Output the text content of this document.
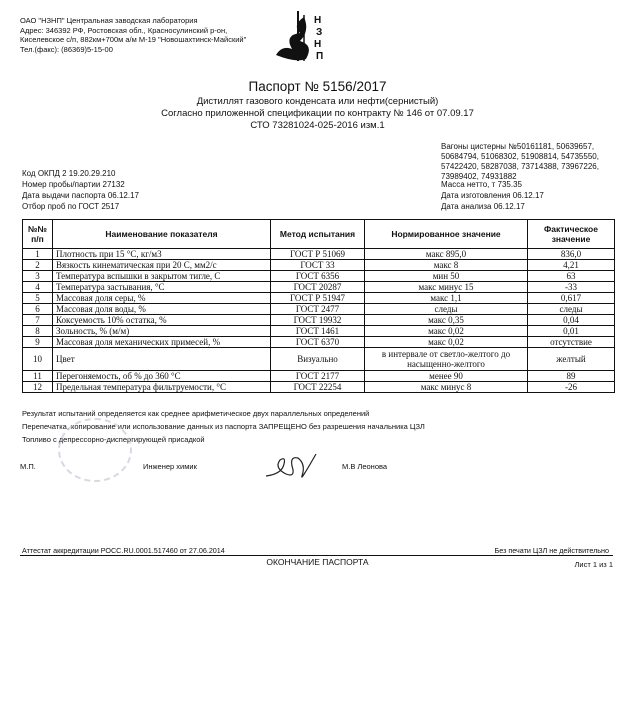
ОАО "НЗНП" Центральная заводская лаборатория
Адрес: 346392 РФ, Ростовская обл., Красносулинский р-он,
Киселевское с/п, 882км+700м а/м М-19 "Новошахтинск-Майский"
Тел.(факс): (86369)5-15-00
Н
З
Н
П
Паспорт № 5156/2017
Дистиллят газового конденсата или нефти(сернистый)
Согласно приложенной спецификации по контракту № 146 от 07.09.17
СТО 73281024-025-2016 изм.1
Код ОКПД 2 19.20.29.210
Номер пробы/партии 27132
Дата выдачи паспорта 06.12.17
Отбор проб по ГОСТ 2517
Вагоны цистерны №50161181, 50639657,
50684794, 51068302, 51908814, 54735550,
57422420, 58287038, 73714388, 73967226,
73989402, 74931882
Масса нетто, т 735.35
Дата изготовления 06.12.17
Дата анализа 06.12.17
№№ п/п	Наименование показателя	Метод испытания	Нормированное значение	Фактическое значение
1	Плотность при 15 °С, кг/м3	ГОСТ Р 51069	макс 895,0	836,0
2	Вязкость кинематическая при 20 С, мм2/с	ГОСТ 33	макс 8	4,21
3	Температура вспышки в закрытом тигле, С	ГОСТ 6356	мин 50	63
4	Температура застывания, °С	ГОСТ 20287	макс минус 15	-33
5	Массовая доля серы, %	ГОСТ Р 51947	макс 1,1	0,617
6	Массовая доля воды, %	ГОСТ 2477	следы	следы
7	Коксуемость 10% остатка, %	ГОСТ 19932	макс 0,35	0,04
8	Зольность, % (м/м)	ГОСТ 1461	макс 0,02	0,01
9	Массовая доля механических примесей, %	ГОСТ 6370	макс 0,02	отсутствие
10	Цвет	Визуально	в интервале от светло-желтого до насыщенно-желтого	желтый
11	Перегоняемость, об % до 360 °С	ГОСТ 2177	менее 90	89
12	Предельная температура фильтруемости, °С	ГОСТ 22254	макс минус 8	-26
Результат испытаний определяется как среднее арифметическое двух параллельных определений
Перепечатка, копирование или использование данных из паспорта ЗАПРЕЩЕНО без разрешения начальника ЦЗЛ
Топливо с депрессорно-диспергирующей присадкой
М.П.	Инженер химик	М.В Леонова
Аттестат аккредитации РОСС.RU.0001.517460 от 27.06.2014	Без печати ЦЗЛ не действительно
ОКОНЧАНИЕ ПАСПОРТА	Лист 1 из 1
